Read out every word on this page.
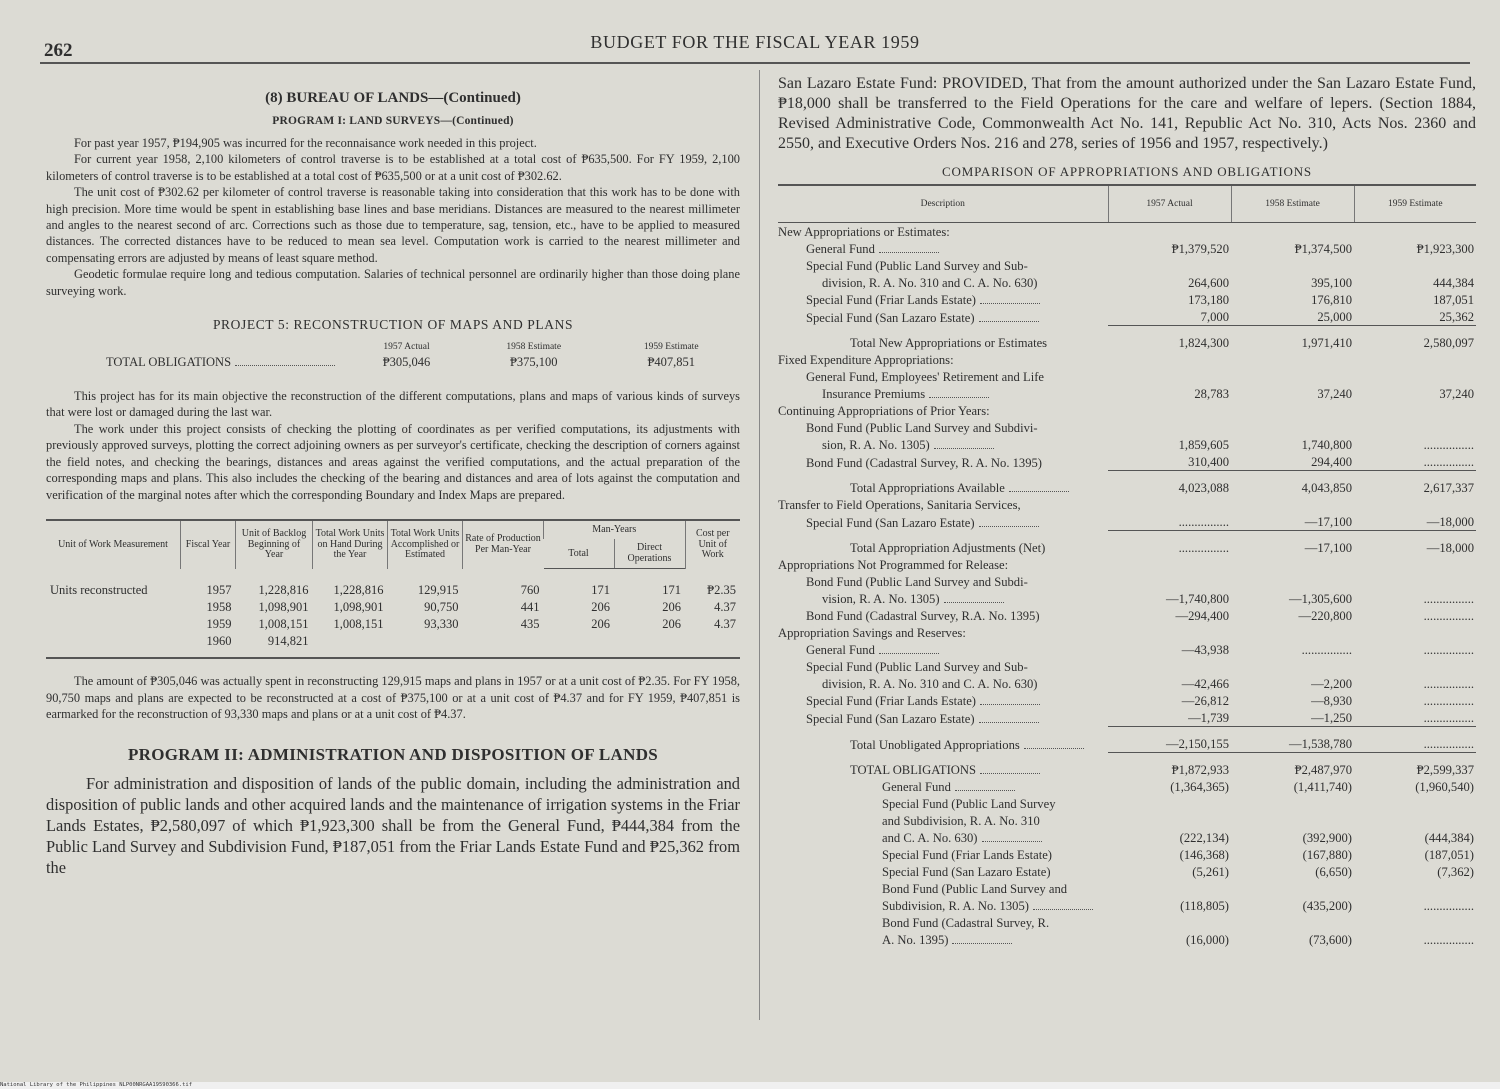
262	BUDGET FOR THE FISCAL YEAR 1959
(8) BUREAU OF LANDS—(Continued)
PROGRAM I: LAND SURVEYS—(Continued)

For past year 1957, ₱194,905 was incurred for the reconnaisance work needed in this project.

For current year 1958, 2,100 kilometers of control traverse is to be established at a total cost of ₱635,500. For FY 1959, 2,100 kilometers of control traverse is to be established at a total cost of ₱635,500 or at a unit cost of ₱302.62.

The unit cost of ₱302.62 per kilometer of control traverse is reasonable taking into consideration that this work has to be done with high precision. More time would be spent in establishing base lines and base meridians. Distances are measured to the nearest millimeter and angles to the nearest second of arc. Corrections such as those due to temperature, sag, tension, etc., have to be applied to measured distances. The corrected distances have to be reduced to mean sea level. Computation work is carried to the nearest millimeter and compensating errors are adjusted by means of least square method.

Geodetic formulae require long and tedious computation. Salaries of technical personnel are ordinarily higher than those doing plane surveying work.

PROJECT 5: RECONSTRUCTION OF MAPS AND PLANS
	1957 Actual	1958 Estimate	1959 Estimate
TOTAL OBLIGATIONS	₱305,046	₱375,100	₱407,851

This project has for its main objective the reconstruction of the different computations, plans and maps of various kinds of surveys that were lost or damaged during the last war.

The work under this project consists of checking the plotting of coordinates as per verified computations, its adjustments with previously approved surveys, plotting the correct adjoining owners as per surveyor's certificate, checking the description of corners against the field notes, and checking the bearings, distances and areas against the verified computations, and the actual preparation of the corresponding maps and plans. This also includes the checking of the bearing and distances and area of lots against the computation and verification of the marginal notes after which the corresponding Boundary and Index Maps are prepared.

Unit of Work Measurement	Fiscal Year	Unit of Backlog Beginning of Year	Total Work Units on Hand During the Year	Total Work Units Accomplished or Estimated	Rate of Production Per Man-Year	Man-Years		Cost per Unit of Work
						Total	Direct Operations	
Units reconstructed	1957	1,228,816	1,228,816	129,915	760	171	171	₱2.35
	1958	1,098,901	1,098,901	90,750	441	206	206	4.37
	1959	1,008,151	1,008,151	93,330	435	206	206	4.37
	1960	914,821						

The amount of ₱305,046 was actually spent in reconstructing 129,915 maps and plans in 1957 or at a unit cost of ₱2.35. For FY 1958, 90,750 maps and plans are expected to be reconstructed at a cost of ₱375,100 or at a unit cost of ₱4.37 and for FY 1959, ₱407,851 is earmarked for the reconstruction of 93,330 maps and plans or at a unit cost of ₱4.37.

PROGRAM II: ADMINISTRATION AND DISPOSITION OF LANDS

For administration and disposition of lands of the public domain, including the administration and disposition of public lands and other acquired lands and the maintenance of irrigation systems in the Friar Lands Estates, ₱2,580,097 of which ₱1,923,300 shall be from the General Fund, ₱444,384 from the Public Land Survey and Subdivision Fund, ₱187,051 from the Friar Lands Estate Fund and ₱25,362 from the

San Lazaro Estate Fund: PROVIDED, That from the amount authorized under the San Lazaro Estate Fund, ₱18,000 shall be transferred to the Field Operations for the care and welfare of lepers. (Section 1884, Revised Administrative Code, Commonwealth Act No. 141, Republic Act No. 310, Acts Nos. 2360 and 2550, and Executive Orders Nos. 216 and 278, series of 1956 and 1957, respectively.)

COMPARISON OF APPROPRIATIONS AND OBLIGATIONS
Description	1957 Actual	1958 Estimate	1959 Estimate
New Appropriations or Estimates:			
General Fund	₱1,379,520	₱1,374,500	₱1,923,300
Special Fund (Public Land Survey and Sub-			
division, R. A. No. 310 and C. A. No. 630)	264,600	395,100	444,384
Special Fund (Friar Lands Estate)	173,180	176,810	187,051
Special Fund (San Lazaro Estate)	7,000	25,000	25,362
Total New Appropriations or Estimates	1,824,300	1,971,410	2,580,097
Fixed Expenditure Appropriations:			
General Fund, Employees' Retirement and Life			
Insurance Premiums	28,783	37,240	37,240
Continuing Appropriations of Prior Years:			
Bond Fund (Public Land Survey and Subdivi-			
sion, R. A. No. 1305)	1,859,605	1,740,800	................
Bond Fund (Cadastral Survey, R. A. No. 1395)	310,400	294,400	................
Total Appropriations Available	4,023,088	4,043,850	2,617,337
Transfer to Field Operations, Sanitaria Services,			
Special Fund (San Lazaro Estate)	................	—17,100	—18,000
Total Appropriation Adjustments (Net)	................	—17,100	—18,000
Appropriations Not Programmed for Release:			
Bond Fund (Public Land Survey and Subdi-			
vision, R. A. No. 1305)	—1,740,800	—1,305,600	................
Bond Fund (Cadastral Survey, R.A. No. 1395)	—294,400	—220,800	................
Appropriation Savings and Reserves:			
General Fund	—43,938	................	................
Special Fund (Public Land Survey and Sub-			
division, R. A. No. 310 and C. A. No. 630)	—42,466	—2,200	................
Special Fund (Friar Lands Estate)	—26,812	—8,930	................
Special Fund (San Lazaro Estate)	—1,739	—1,250	................
Total Unobligated Appropriations	—2,150,155	—1,538,780	................
TOTAL OBLIGATIONS	₱1,872,933	₱2,487,970	₱2,599,337
General Fund	(1,364,365)	(1,411,740)	(1,960,540)
Special Fund (Public Land Survey			
and Subdivision, R. A. No. 310			
and C. A. No. 630)	(222,134)	(392,900)	(444,384)
Special Fund (Friar Lands Estate)	(146,368)	(167,880)	(187,051)
Special Fund (San Lazaro Estate)	(5,261)	(6,650)	(7,362)
Bond Fund (Public Land Survey and			
Subdivision, R. A. No. 1305)	(118,805)	(435,200)	................
Bond Fund (Cadastral Survey, R.			
A. No. 1395)	(16,000)	(73,600)	................
National Library of the Philippines NLP00NRGAA19590366.tif
